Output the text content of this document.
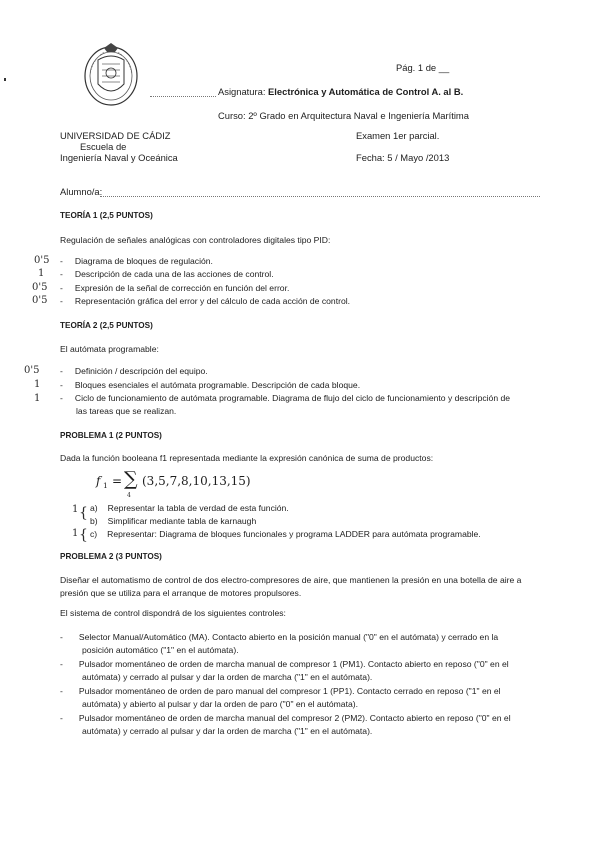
Pág. 1 de __
Asignatura: Electrónica y Automática de Control A. al B.
Curso: 2º Grado en Arquitectura Naval e Ingeniería Marítima
UNIVERSIDAD DE CÁDIZ
Escuela de
Ingeniería Naval y Oceánica
Examen 1er parcial.
Fecha: 5 / Mayo /2013
Alumno/a:
TEORÍA 1 (2,5 PUNTOS)
Regulación de señales analógicas con controladores digitales tipo PID:
0'5 - Diagrama de bloques de regulación.
1 - Descripción de cada una de las acciones de control.
0'5 - Expresión de la señal de corrección en función del error.
0'5 - Representación gráfica del error y del cálculo de cada acción de control.
TEORÍA 2 (2,5 PUNTOS)
El autómata programable:
0'5 - Definición / descripción del equipo.
1 - Bloques esenciales el autómata programable. Descripción de cada bloque.
1 - Ciclo de funcionamiento de autómata programable. Diagrama de flujo del ciclo de funcionamiento y descripción de
las tareas que se realizan.
PROBLEMA 1 (2 PUNTOS)
Dada la función booleana f1 representada mediante la expresión canónica de suma de productos:
f 1 = ∑
4
(3,5,7,8,10,13,15)
1 { a) Representar la tabla de verdad de esta función.
b) Simplificar mediante tabla de karnaugh
1 { c) Representar: Diagrama de bloques funcionales y programa LADDER para autómata programable.
PROBLEMA 2 (3 PUNTOS)
Diseñar el automatismo de control de dos electro-compresores de aire, que mantienen la presión en una botella de aire a
presión que se utiliza para el arranque de motores propulsores.
El sistema de control dispondrá de los siguientes controles:
- Selector Manual/Automático (MA). Contacto abierto en la posición manual ("0" en el autómata) y cerrado en la
posición automático ("1" en el autómata).
- Pulsador momentáneo de orden de marcha manual de compresor 1 (PM1). Contacto abierto en reposo ("0" en el
autómata) y cerrado al pulsar y dar la orden de marcha ("1" en el autómata).
- Pulsador momentáneo de orden de paro manual del compresor 1 (PP1). Contacto cerrado en reposo ("1" en el
autómata) y abierto al pulsar y dar la orden de paro ("0" en el autómata).
- Pulsador momentáneo de orden de marcha manual del compresor 2 (PM2). Contacto abierto en reposo ("0" en el
autómata) y cerrado al pulsar y dar la orden de marcha ("1" en el autómata).
